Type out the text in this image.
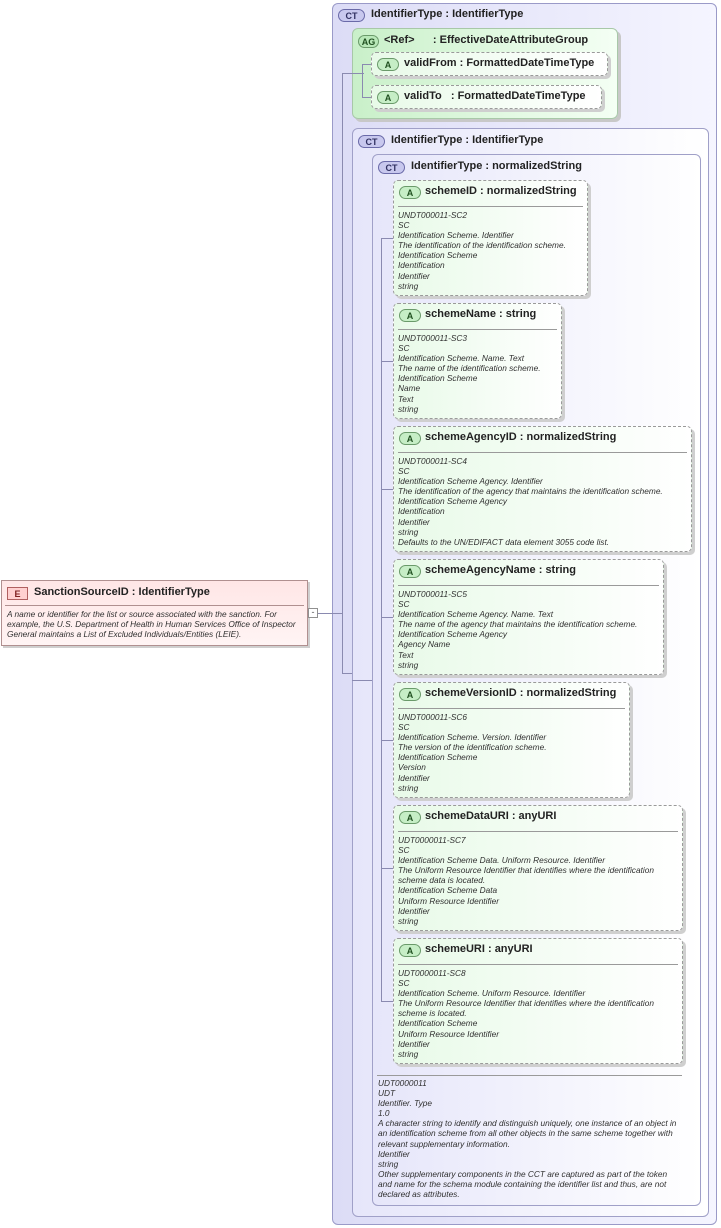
CT	IdentifierType : IdentifierType
AG <Ref>      : EffectiveDateAttributeGroup
A	validFrom : FormattedDateTimeType
A	validTo   : FormattedDateTimeType
CT	IdentifierType : IdentifierType
CT	IdentifierType : normalizedString
A	schemeID : normalizedString
UNDT000011-SC2
SC
Identification Scheme. Identifier
The identification of the identification scheme.
Identification Scheme
Identification
Identifier
string
A	schemeName : string
UNDT000011-SC3
SC
Identification Scheme. Name. Text
The name of the identification scheme.
Identification Scheme
Name
Text
string
A	schemeAgencyID : normalizedString
UNDT000011-SC4
SC
Identification Scheme Agency. Identifier
The identification of the agency that maintains the identification scheme.
Identification Scheme Agency
Identification
Identifier
string
Defaults to the UN/EDIFACT data element 3055 code list.
A	schemeAgencyName : string
UNDT000011-SC5
SC
Identification Scheme Agency. Name. Text
The name of the agency that maintains the identification scheme.
Identification Scheme Agency
Agency Name
Text
string
A	schemeVersionID : normalizedString
UNDT000011-SC6
SC
Identification Scheme. Version. Identifier
The version of the identification scheme.
Identification Scheme
Version
Identifier
string
A	schemeDataURI : anyURI
UDT0000011-SC7
SC
Identification Scheme Data. Uniform Resource. Identifier
The Uniform Resource Identifier that identifies where the identification scheme data is located.
Identification Scheme Data
Uniform Resource Identifier
Identifier
string
A	schemeURI : anyURI
UDT0000011-SC8
SC
Identification Scheme. Uniform Resource. Identifier
The Uniform Resource Identifier that identifies where the identification scheme is located.
Identification Scheme
Uniform Resource Identifier
Identifier
string
UDT0000011
UDT
Identifier. Type
1.0
A character string to identify and distinguish uniquely, one instance of an object in an identification scheme from all other objects in the same scheme together with relevant supplementary information.
Identifier
string
Other supplementary components in the CCT are captured as part of the token and name for the schema module containing the identifier list and thus, are not declared as attributes.
E	SanctionSourceID : IdentifierType
A name or identifier for the list or source associated with the sanction. For example, the U.S. Department of Health in Human Services Office of Inspector General maintains a List of Excluded Individuals/Entities (LEIE).
-
